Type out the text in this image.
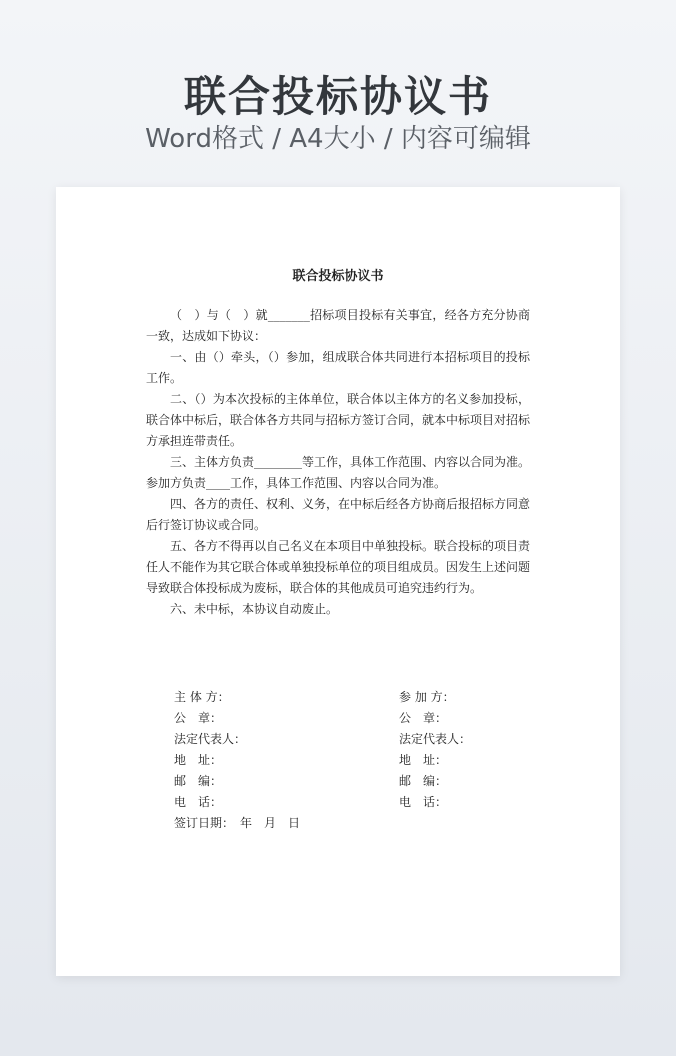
联合投标协议书
Word格式 / A4大小 / 内容可编辑
联合投标协议书

（　）与（　）就_______招标项目投标有关事宜，经各方充分协商一致，达成如下协议：

一、由（）牵头，（）参加，组成联合体共同进行本招标项目的投标工作。

二、（）为本次投标的主体单位，联合体以主体方的名义参加投标，联合体中标后，联合体各方共同与招标方签订合同，就本中标项目对招标方承担连带责任。

三、主体方负责________等工作，具体工作范围、内容以合同为准。参加方负责____工作，具体工作范围、内容以合同为准。

四、各方的责任、权利、义务，在中标后经各方协商后报招标方同意后行签订协议或合同。

五、各方不得再以自己名义在本项目中单独投标。联合投标的项目责任人不能作为其它联合体或单独投标单位的项目组成员。因发生上述问题导致联合体投标成为废标，联合体的其他成员可追究违约行为。

六、未中标，本协议自动废止。

主 体 方：	参 加 方：
公　章：	公　章：
法定代表人：	法定代表人：
地　址：	地　址：
邮　编：	邮　编：
电　话：	电　话：
签订日期：　年　月　日
